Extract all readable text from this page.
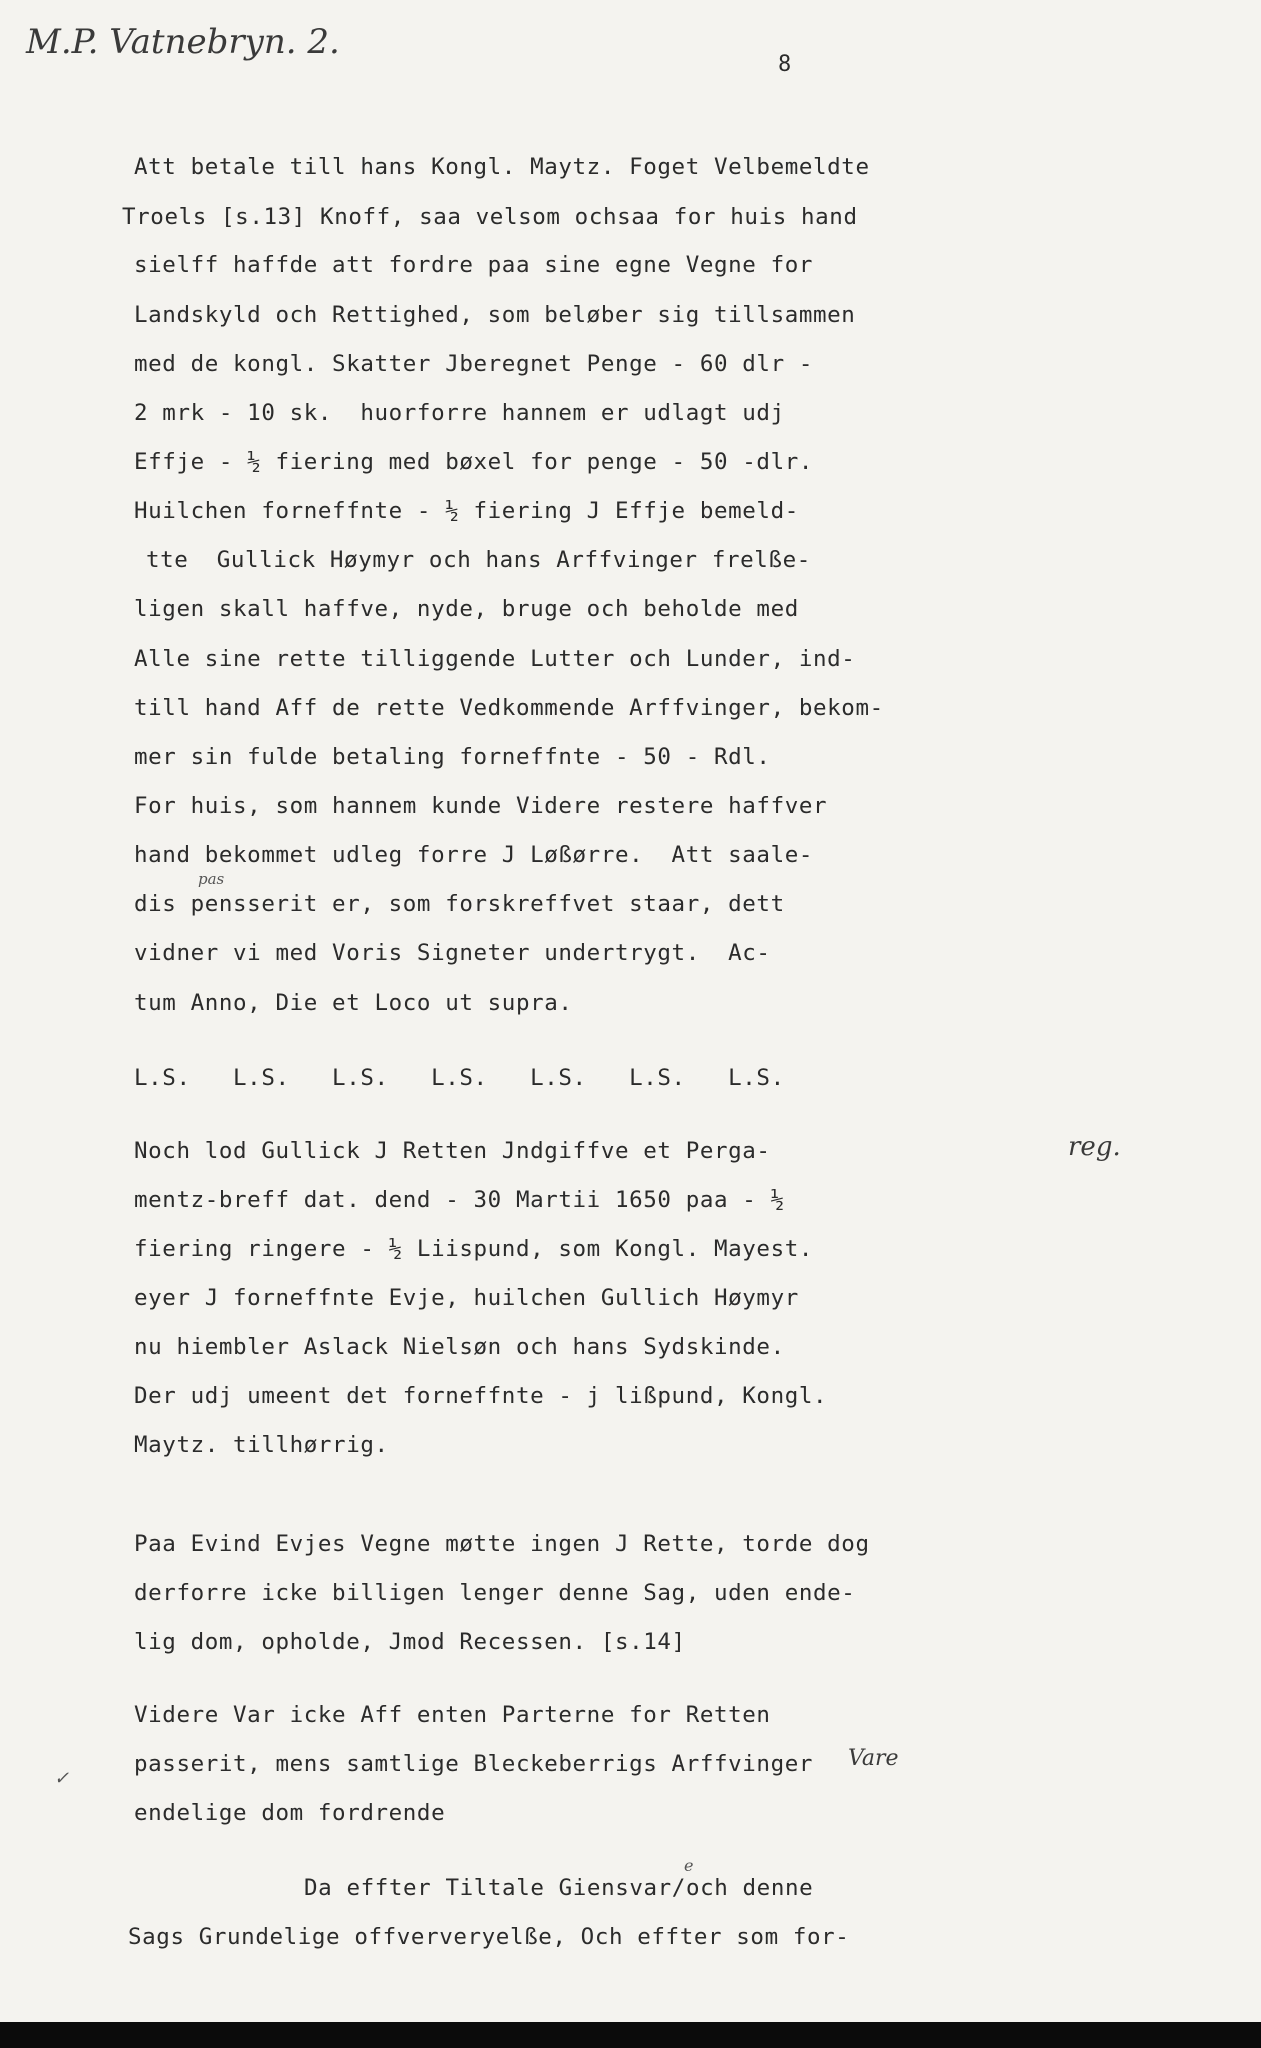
M.P. Vatnebryn. 2.
8
Att betale till hans Kongl. Maytz. Foget Velbemeldte
Troels [s.13] Knoff, saa velsom ochsaa for huis hand
sielff haffde att fordre paa sine egne Vegne for
Landskyld och Rettighed, som beløber sig tillsammen
med de kongl. Skatter Jberegnet Penge - 60 dlr -
2 mrk - 10 sk.  huorforre hannem er udlagt udj
Effje - ½ fiering med bøxel for penge - 50 -dlr.
Huilchen forneffnte - ½ fiering J Effje bemeld-
tte  Gullick Høymyr och hans Arffvinger frelße-
ligen skall haffve, nyde, bruge och beholde med
Alle sine rette tilliggende Lutter och Lunder, ind-
till hand Aff de rette Vedkommende Arffvinger, bekom-
mer sin fulde betaling forneffnte - 50 - Rdl.
For huis, som hannem kunde Videre restere haffver
hand bekommet udleg forre J Løßørre.  Att saale-
pas
dis pensserit er, som forskreffvet staar, dett
vidner vi med Voris Signeter undertrygt.  Ac-
tum Anno, Die et Loco ut supra.
L.S.   L.S.   L.S.   L.S.   L.S.   L.S.   L.S.
Noch lod Gullick J Retten Jndgiffve et Perga-	reg.
mentz-breff dat. dend - 30 Martii 1650 paa - ½
fiering ringere - ½ Liispund, som Kongl. Mayest.
eyer J forneffnte Evje, huilchen Gullich Høymyr
nu hiembler Aslack Nielsøn och hans Sydskinde.
Der udj umeent det forneffnte - j lißpund, Kongl.
Maytz. tillhørrig.
Paa Evind Evjes Vegne møtte ingen J Rette, torde dog
derforre icke billigen lenger denne Sag, uden ende-
lig dom, opholde, Jmod Recessen. [s.14]
Videre Var icke Aff enten Parterne for Retten
✓
passerit, mens samtlige Bleckeberrigs Arffvinger Vare
endelige dom fordrende
e
Da effter Tiltale Giensvar/och denne
Sags Grundelige offververyelße, Och effter som for-
